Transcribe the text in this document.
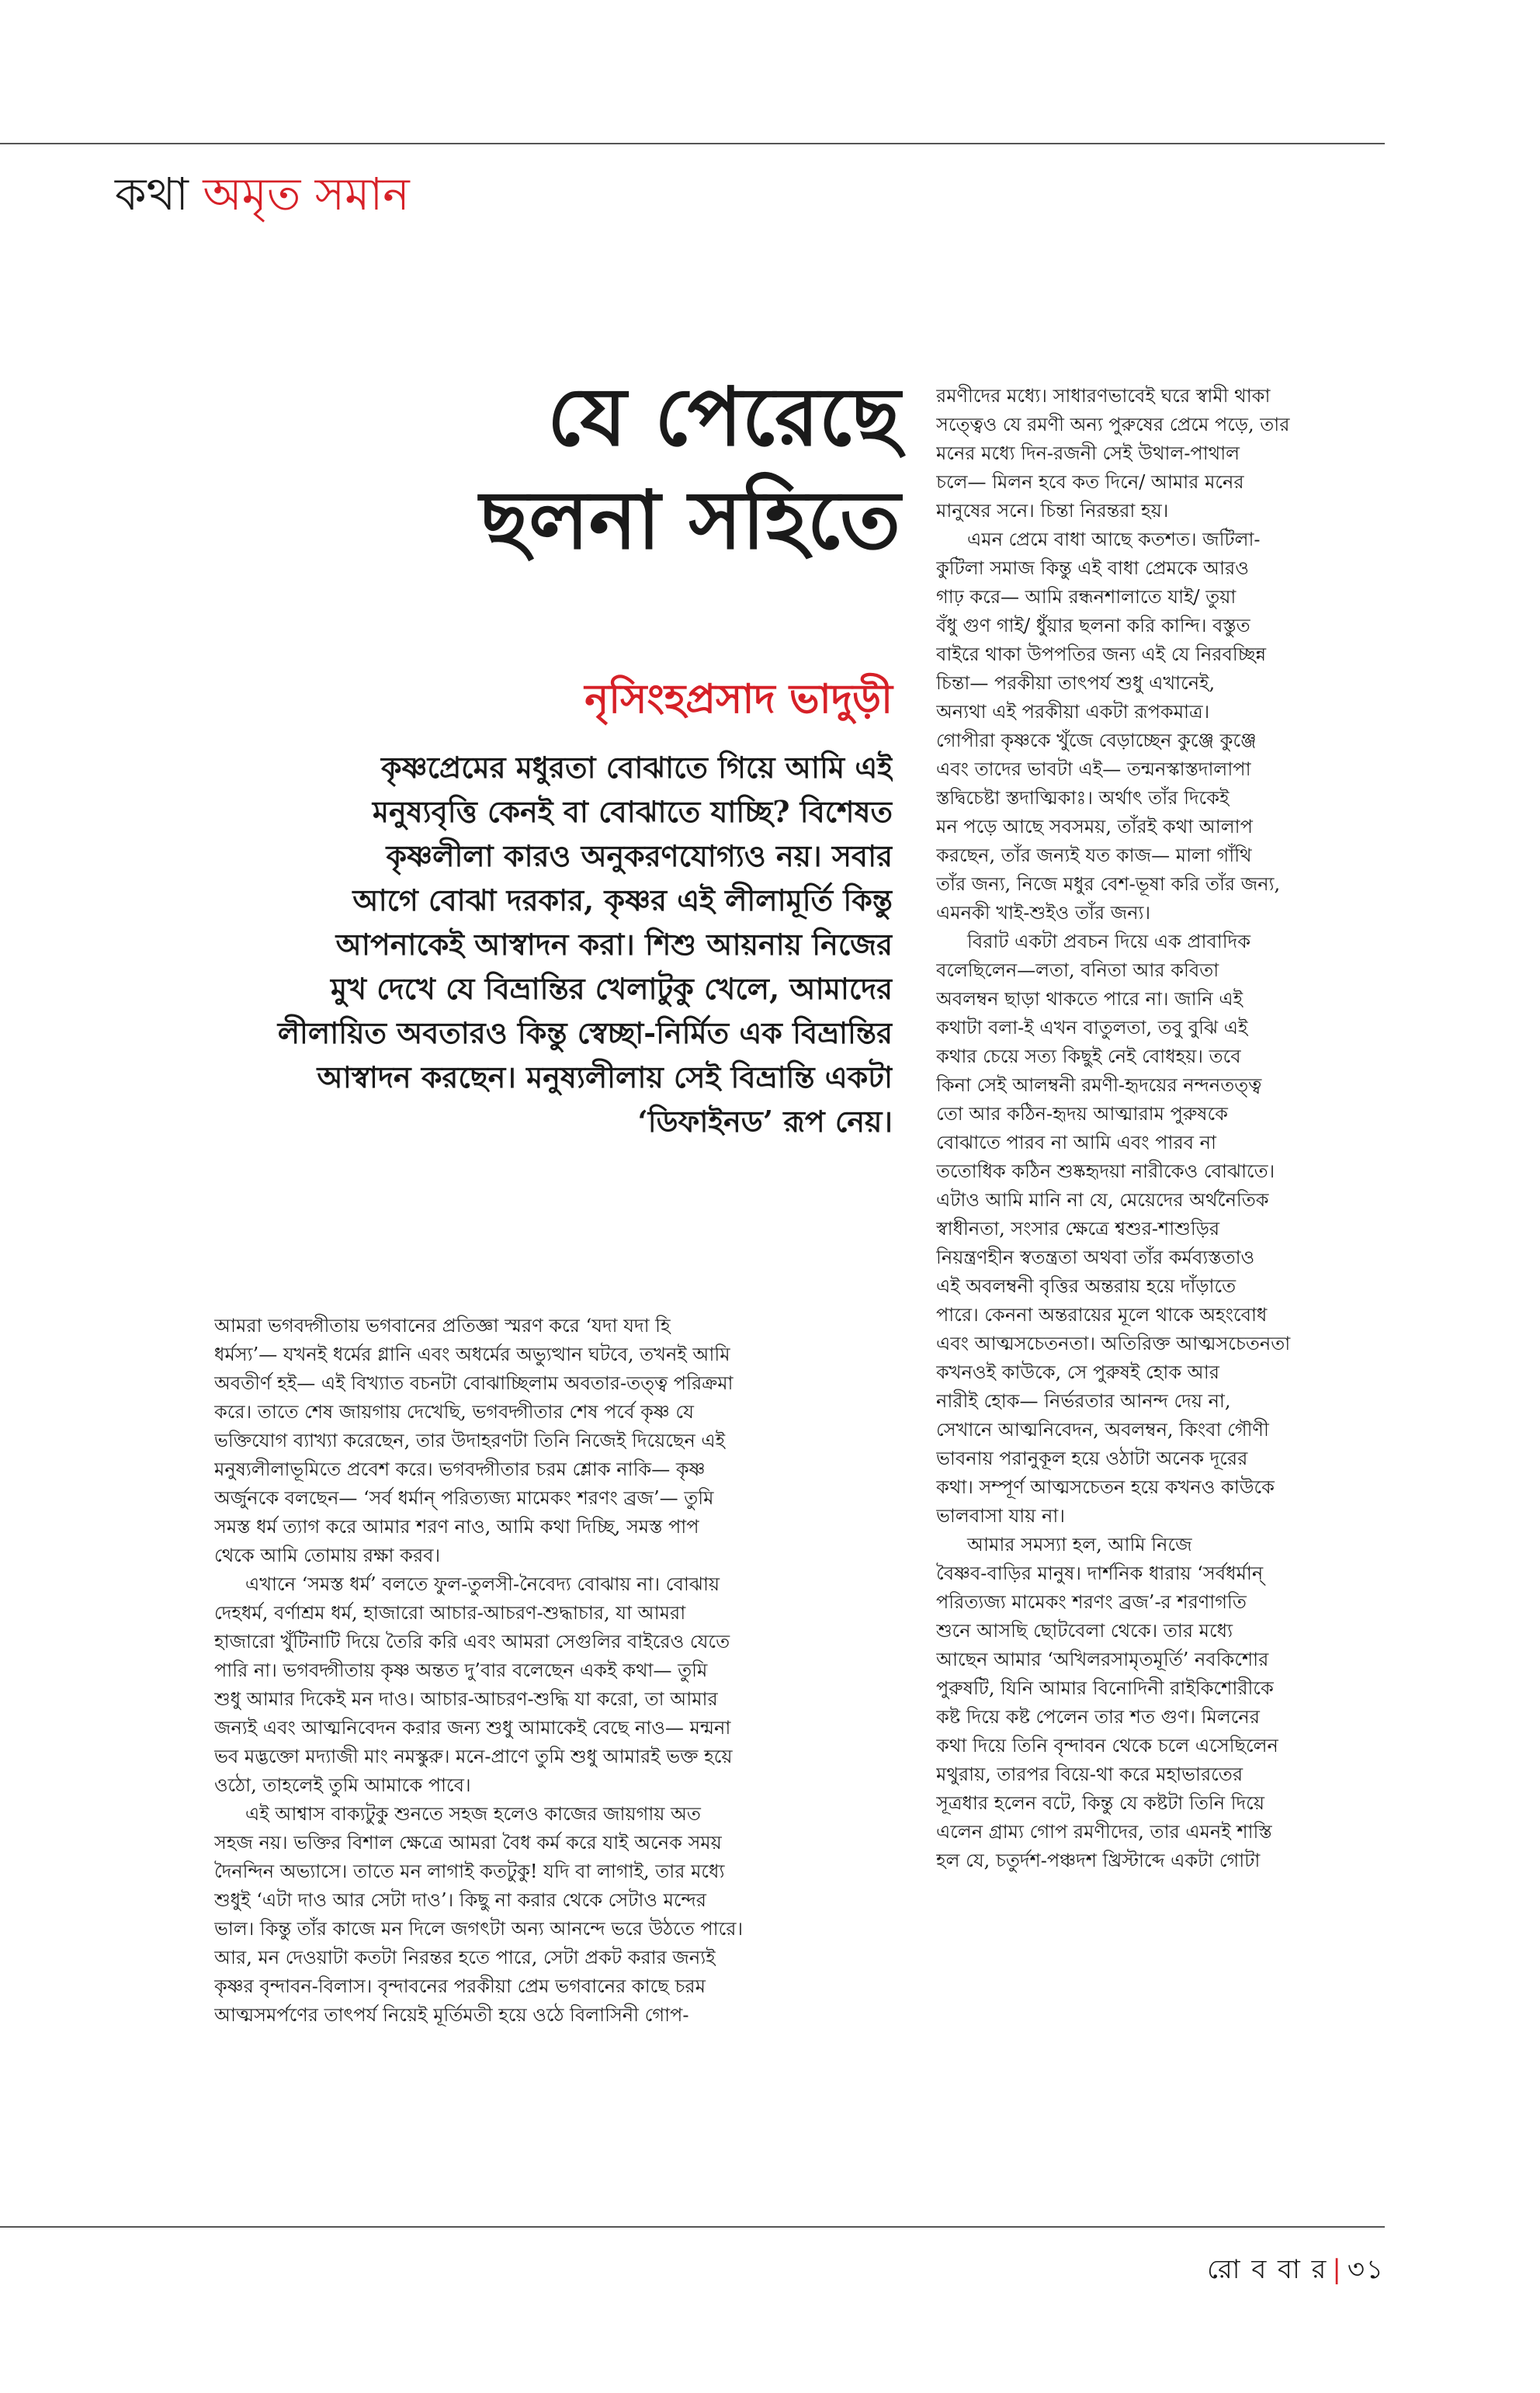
কথা অমৃত সমান
যে পেরেছে
ছলনা সহিতে
নৃসিংহপ্রসাদ ভাদুড়ী
কৃষ্ণপ্রেমের মধুরতা বোঝাতে গিয়ে আমি এই
মনুষ্যবৃত্তি কেনই বা বোঝাতে যাচ্ছি? বিশেষত
কৃষ্ণলীলা কারও অনুকরণযোগ্যও নয়। সবার
আগে বোঝা দরকার, কৃষ্ণর এই লীলামূর্তি কিন্তু
আপনাকেই আস্বাদন করা। শিশু আয়নায় নিজের
মুখ দেখে যে বিভ্রান্তির খেলাটুকু খেলে, আমাদের
লীলায়িত অবতারও কিন্তু স্বেচ্ছা-নির্মিত এক বিভ্রান্তির
আস্বাদন করছেন। মনুষ্যলীলায় সেই বিভ্রান্তি একটা
‘ডিফাইনড’ রূপ নেয়।
আমরা ভগবদ্গীতায় ভগবানের প্রতিজ্ঞা স্মরণ করে ‘যদা যদা হি
ধর্মস্য’— যখনই ধর্মের গ্লানি এবং অধর্মের অভ্যুত্থান ঘটবে, তখনই আমি
অবতীর্ণ হই— এই বিখ্যাত বচনটা বোঝাচ্ছিলাম অবতার-তত্ত্ব পরিক্রমা
করে। তাতে শেষ জায়গায় দেখেছি, ভগবদ্গীতার শেষ পর্বে কৃষ্ণ যে
ভক্তিযোগ ব্যাখ্যা করেছেন, তার উদাহরণটা তিনি নিজেই দিয়েছেন এই
মনুষ্যলীলাভূমিতে প্রবেশ করে। ভগবদ্গীতার চরম শ্লোক নাকি— কৃষ্ণ
অর্জুনকে বলছেন— ‘সর্ব ধর্মান্ পরিত্যজ্য মামেকং শরণং ব্রজ’— তুমি
সমস্ত ধর্ম ত্যাগ করে আমার শরণ নাও, আমি কথা দিচ্ছি, সমস্ত পাপ
থেকে আমি তোমায় রক্ষা করব।
এখানে ‘সমস্ত ধর্ম’ বলতে ফুল-তুলসী-নৈবেদ্য বোঝায় না। বোঝায়
দেহধর্ম, বর্ণাশ্রম ধর্ম, হাজারো আচার-আচরণ-শুদ্ধাচার, যা আমরা
হাজারো খুঁটিনাটি দিয়ে তৈরি করি এবং আমরা সেগুলির বাইরেও যেতে
পারি না। ভগবদ্গীতায় কৃষ্ণ অন্তত দু’বার বলেছেন একই কথা— তুমি
শুধু আমার দিকেই মন দাও। আচার-আচরণ-শুদ্ধি যা করো, তা আমার
জন্যই এবং আত্মনিবেদন করার জন্য শুধু আমাকেই বেছে নাও— মন্মনা
ভব মদ্ভক্তো মদ্যাজী মাং নমস্কুরু। মনে-প্রাণে তুমি শুধু আমারই ভক্ত হয়ে
ওঠো, তাহলেই তুমি আমাকে পাবে।
এই আশ্বাস বাক্যটুকু শুনতে সহজ হলেও কাজের জায়গায় অত
সহজ নয়। ভক্তির বিশাল ক্ষেত্রে আমরা বৈধ কর্ম করে যাই অনেক সময়
দৈনন্দিন অভ্যাসে। তাতে মন লাগাই কতটুকু! যদি বা লাগাই, তার মধ্যে
শুধুই ‘এটা দাও আর সেটা দাও’। কিছু না করার থেকে সেটাও মন্দের
ভাল। কিন্তু তাঁর কাজে মন দিলে জগৎটা অন্য আনন্দে ভরে উঠতে পারে।
আর, মন দেওয়াটা কতটা নিরন্তর হতে পারে, সেটা প্রকট করার জন্যই
কৃষ্ণর বৃন্দাবন-বিলাস। বৃন্দাবনের পরকীয়া প্রেম ভগবানের কাছে চরম
আত্মসমর্পণের তাৎপর্য নিয়েই মূর্তিমতী হয়ে ওঠে বিলাসিনী গোপ-
রমণীদের মধ্যে। সাধারণভাবেই ঘরে স্বামী থাকা
সত্ত্বেও যে রমণী অন্য পুরুষের প্রেমে পড়ে, তার
মনের মধ্যে দিন-রজনী সেই উথাল-পাথাল
চলে— মিলন হবে কত দিনে/ আমার মনের
মানুষের সনে। চিন্তা নিরন্তরা হয়।
এমন প্রেমে বাধা আছে কতশত। জটিলা-
কুটিলা সমাজ কিন্তু এই বাধা প্রেমকে আরও
গাঢ় করে— আমি রন্ধনশালাতে যাই/ তুয়া
বঁধু গুণ গাই/ ধুঁয়ার ছলনা করি কান্দি। বস্তুত
বাইরে থাকা উপপতির জন্য এই যে নিরবচ্ছিন্ন
চিন্তা— পরকীয়া তাৎপর্য শুধু এখানেই,
অন্যথা এই পরকীয়া একটা রূপকমাত্র।
গোপীরা কৃষ্ণকে খুঁজে বেড়াচ্ছেন কুঞ্জে কুঞ্জে
এবং তাদের ভাবটা এই— তন্মনস্কাস্তদালাপা
স্তদ্বিচেষ্টা স্তদাত্মিকাঃ। অর্থাৎ তাঁর দিকেই
মন পড়ে আছে সবসময়, তাঁরই কথা আলাপ
করছেন, তাঁর জন্যই যত কাজ— মালা গাঁথি
তাঁর জন্য, নিজে মধুর বেশ-ভূষা করি তাঁর জন্য,
এমনকী খাই-শুইও তাঁর জন্য।
বিরাট একটা প্রবচন দিয়ে এক প্রাবাদিক
বলেছিলেন—লতা, বনিতা আর কবিতা
অবলম্বন ছাড়া থাকতে পারে না। জানি এই
কথাটা বলা-ই এখন বাতুলতা, তবু বুঝি এই
কথার চেয়ে সত্য কিছুই নেই বোধহয়। তবে
কিনা সেই আলম্বনী রমণী-হৃদয়ের নন্দনতত্ত্ব
তো আর কঠিন-হৃদয় আত্মারাম পুরুষকে
বোঝাতে পারব না আমি এবং পারব না
ততোধিক কঠিন শুষ্কহৃদয়া নারীকেও বোঝাতে।
এটাও আমি মানি না যে, মেয়েদের অর্থনৈতিক
স্বাধীনতা, সংসার ক্ষেত্রে শ্বশুর-শাশুড়ির
নিয়ন্ত্রণহীন স্বতন্ত্রতা অথবা তাঁর কর্মব্যস্ততাও
এই অবলম্বনী বৃত্তির অন্তরায় হয়ে দাঁড়াতে
পারে। কেননা অন্তরায়ের মূলে থাকে অহংবোধ
এবং আত্মসচেতনতা। অতিরিক্ত আত্মসচেতনতা
কখনওই কাউকে, সে পুরুষই হোক আর
নারীই হোক— নির্ভরতার আনন্দ দেয় না,
সেখানে আত্মনিবেদন, অবলম্বন, কিংবা গৌণী
ভাবনায় পরানুকূল হয়ে ওঠাটা অনেক দূরের
কথা। সম্পূর্ণ আত্মসচেতন হয়ে কখনও কাউকে
ভালবাসা যায় না।
আমার সমস্যা হল, আমি নিজে
বৈষ্ণব-বাড়ির মানুষ। দার্শনিক ধারায় ‘সর্বধর্মান্
পরিত্যজ্য মামেকং শরণং ব্রজ’-র শরণাগতি
শুনে আসছি ছোটবেলা থেকে। তার মধ্যে
আছেন আমার ‘অখিলরসামৃতমূর্তি’ নবকিশোর
পুরুষটি, যিনি আমার বিনোদিনী রাইকিশোরীকে
কষ্ট দিয়ে কষ্ট পেলেন তার শত গুণ। মিলনের
কথা দিয়ে তিনি বৃন্দাবন থেকে চলে এসেছিলেন
মথুরায়, তারপর বিয়ে-থা করে মহাভারতের
সূত্রধার হলেন বটে, কিন্তু যে কষ্টটা তিনি দিয়ে
এলেন গ্রাম্য গোপ রমণীদের, তার এমনই শাস্তি
হল যে, চতুর্দশ-পঞ্চদশ খ্রিস্টাব্দে একটা গোটা
রো ব বা র | ৩১
